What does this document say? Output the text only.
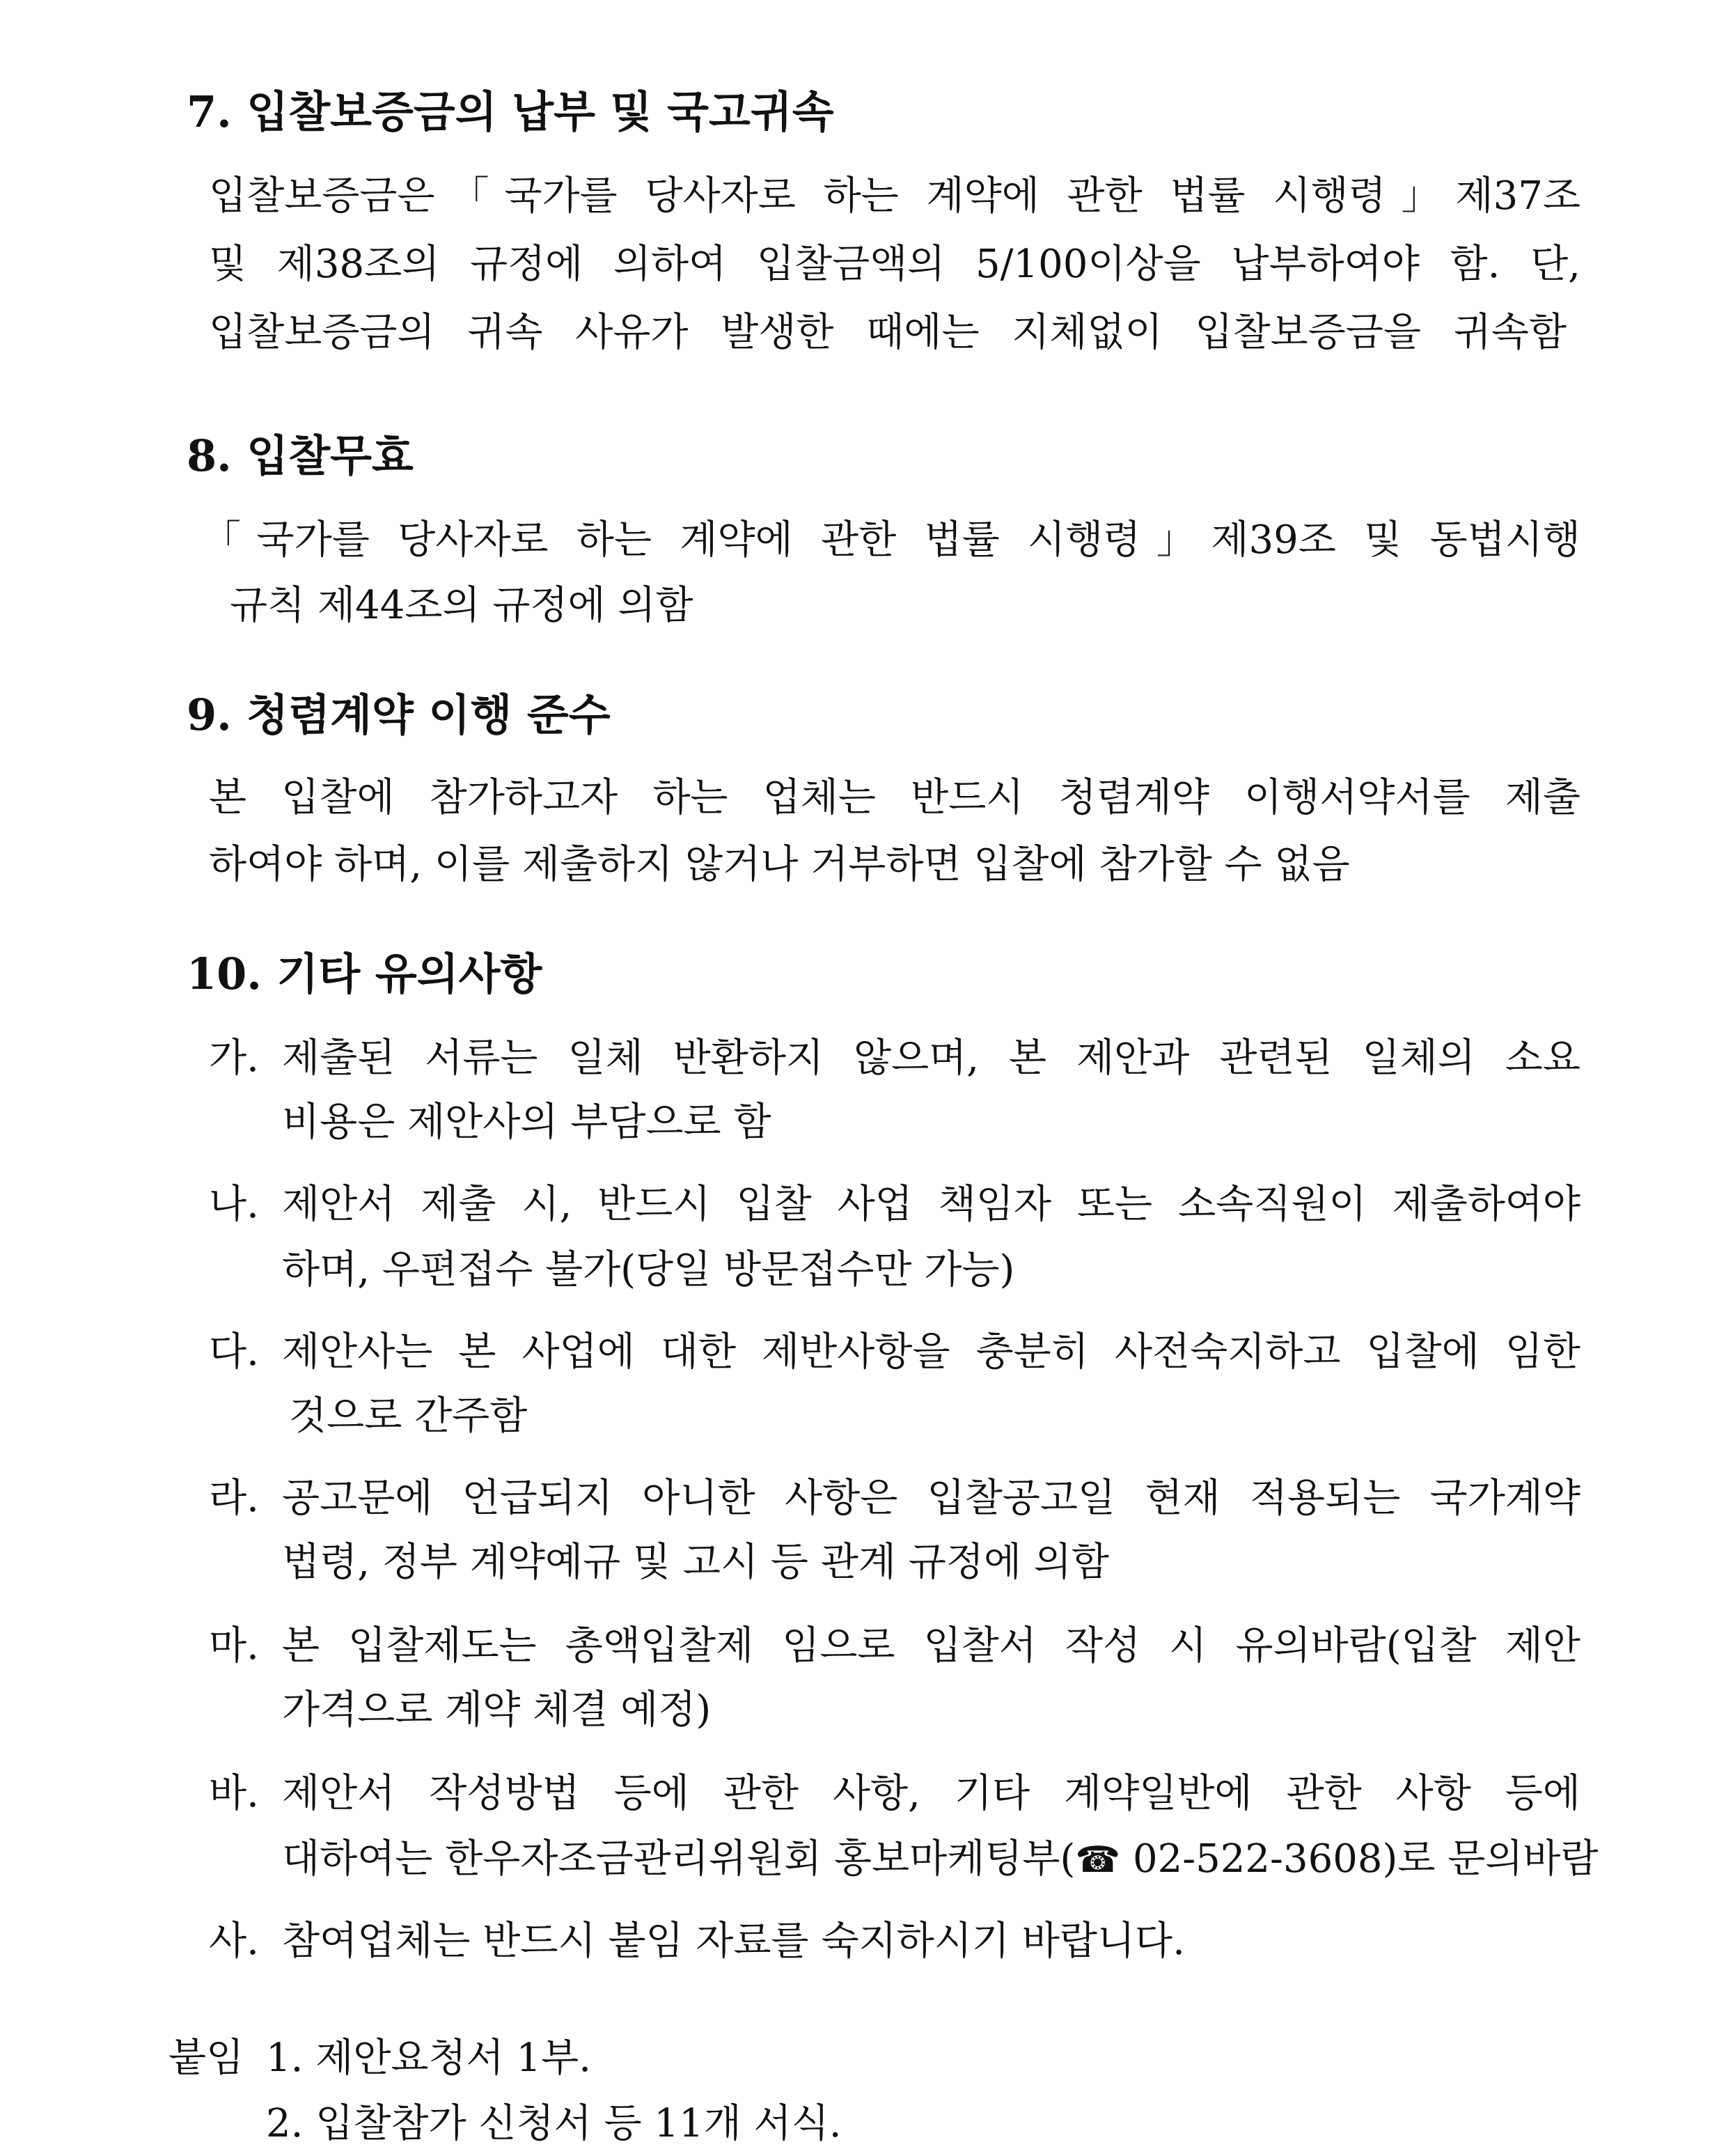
7. 입찰보증금의 납부 및 국고귀속
입찰보증금은「국가를 당사자로 하는 계약에 관한 법률 시행령」제37조
및 제38조의 규정에 의하여 입찰금액의 5/100이상을 납부하여야 함. 단,
입찰보증금의 귀속 사유가 발생한 때에는 지체없이 입찰보증금을 귀속함
8. 입찰무효
「국가를 당사자로 하는 계약에 관한 법률 시행령」제39조 및 동법시행
규칙 제44조의 규정에 의함
9. 청렴계약 이행 준수
본 입찰에 참가하고자 하는 업체는 반드시 청렴계약 이행서약서를 제출
하여야 하며, 이를 제출하지 않거나 거부하면 입찰에 참가할 수 없음
10. 기타 유의사항
가. 제출된 서류는 일체 반환하지 않으며, 본 제안과 관련된 일체의 소요
비용은 제안사의 부담으로 함
나. 제안서 제출 시, 반드시 입찰 사업 책임자 또는 소속직원이 제출하여야
하며, 우편접수 불가(당일 방문접수만 가능)
다. 제안사는 본 사업에 대한 제반사항을 충분히 사전숙지하고 입찰에 임한
것으로 간주함
라. 공고문에 언급되지 아니한 사항은 입찰공고일 현재 적용되는 국가계약
법령, 정부 계약예규 및 고시 등 관계 규정에 의함
마. 본 입찰제도는 총액입찰제 임으로 입찰서 작성 시 유의바람(입찰 제안
가격으로 계약 체결 예정)
바. 제안서 작성방법 등에 관한 사항, 기타 계약일반에 관한 사항 등에
대하여는 한우자조금관리위원회 홍보마케팅부(☎ 02-522-3608)로 문의바람
사. 참여업체는 반드시 붙임 자료를 숙지하시기 바랍니다.
붙임 1. 제안요청서 1부.
2. 입찰참가 신청서 등 11개 서식.
